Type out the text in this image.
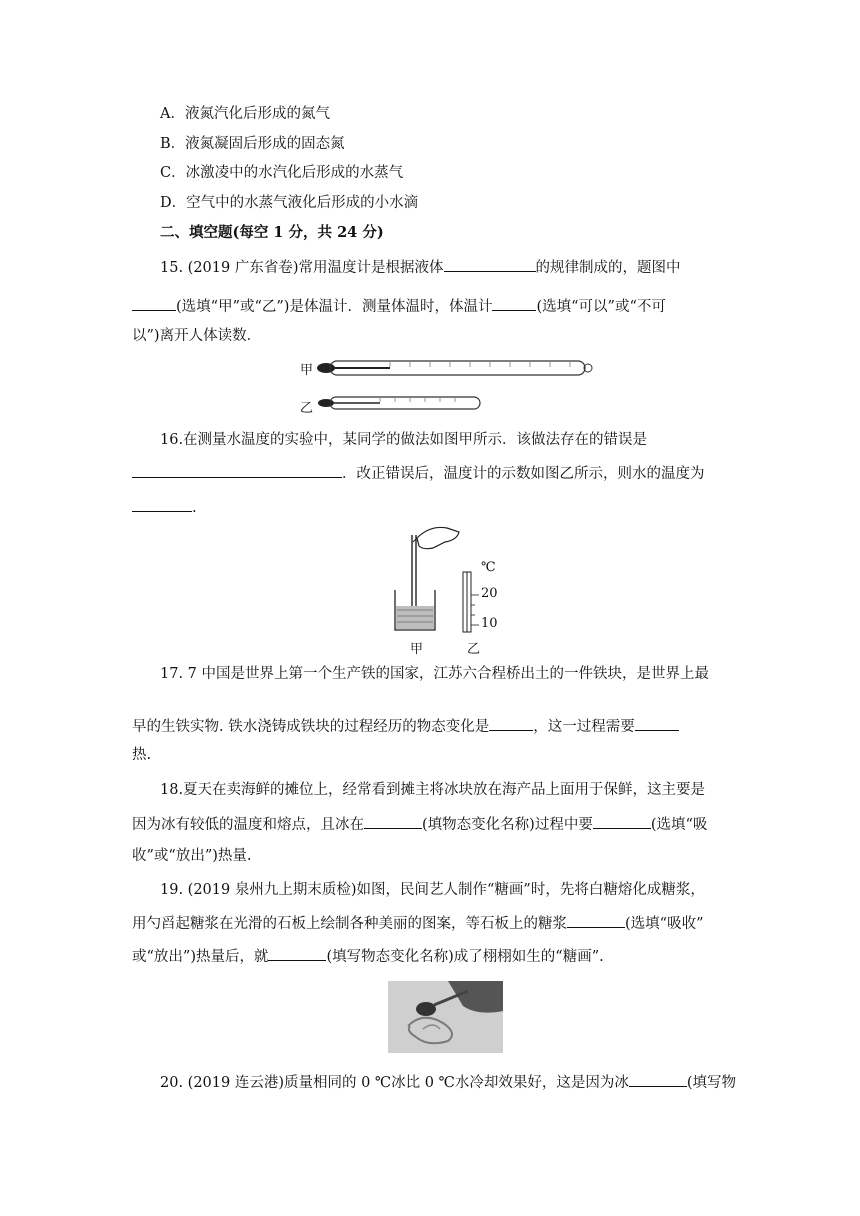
A．液氮汽化后形成的氮气
B．液氮凝固后形成的固态氮
C．冰激凌中的水汽化后形成的水蒸气
D．空气中的水蒸气液化后形成的小水滴
二、填空题(每空 1 分，共 24 分)
15. (2019 广东省卷)常用温度计是根据液体	的规律制成的，题图中
(选填“甲”或“乙”)是体温计．测量体温时，体温计	(选填“可以”或“不可
以”)离开人体读数．
甲
乙
16.在测量水温度的实验中，某同学的做法如图甲所示．该做法存在的错误是
．改正错误后，温度计的示数如图乙所示，则水的温度为
.
℃
20
10
甲	乙
17. 7 中国是世界上第一个生产铁的国家，江苏六合程桥出土的一件铁块，是世界上最
早的生铁实物. 铁水浇铸成铁块的过程经历的物态变化是	，这一过程需要
热.
18.夏天在卖海鲜的摊位上，经常看到摊主将冰块放在海产品上面用于保鲜，这主要是
因为冰有较低的温度和熔点，且冰在	(填物态变化名称)过程中要	(选填“吸
收”或“放出”)热量.
19. (2019 泉州九上期末质检)如图，民间艺人制作“糖画”时，先将白糖熔化成糖浆，
用勺舀起糖浆在光滑的石板上绘制各种美丽的图案，等石板上的糖浆	(选填“吸收”
或“放出”)热量后，就	(填写物态变化名称)成了栩栩如生的“糖画”.
20. (2019 连云港)质量相同的 0 ℃冰比 0 ℃水冷却效果好，这是因为冰	(填写物
